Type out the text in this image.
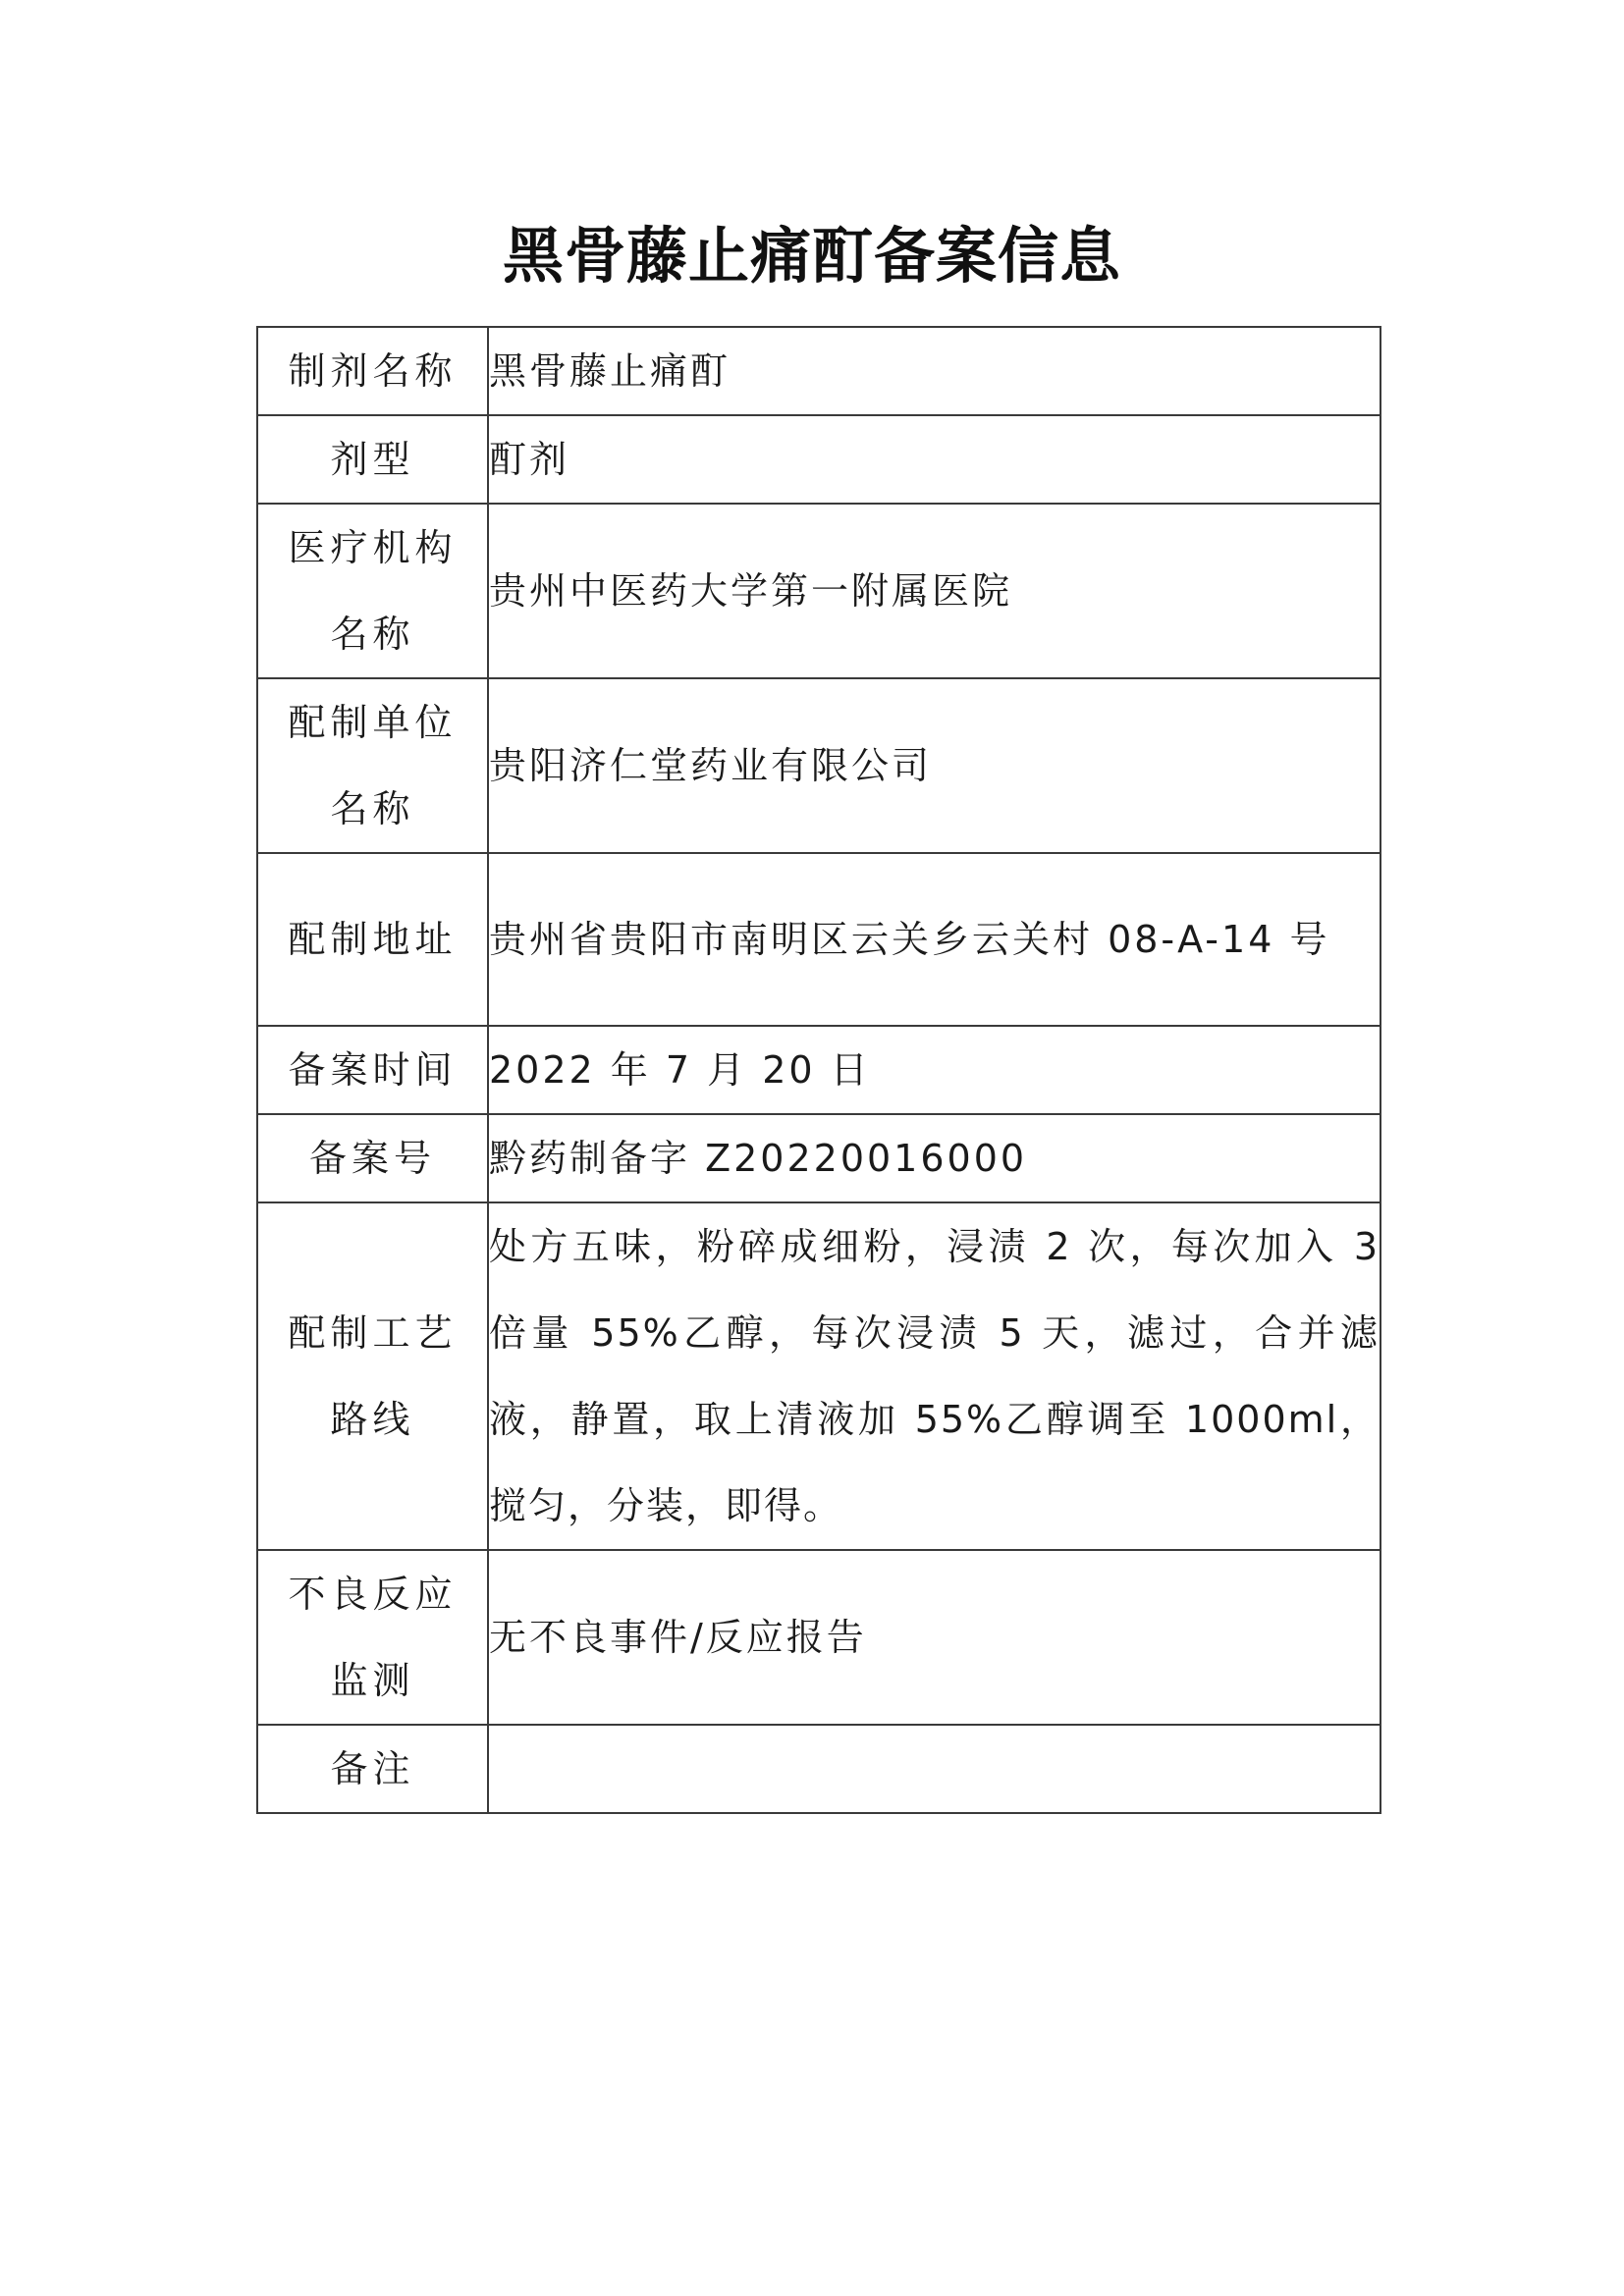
黑骨藤止痛酊备案信息
制剂名称	黑骨藤止痛酊

剂型	酊剂

医疗机构
名称	贵州中医药大学第一附属医院

配制单位
名称	贵阳济仁堂药业有限公司

配制地址	贵州省贵阳市南明区云关乡云关村 08-A-14 号

备案时间	2022 年 7 月 20 日

备案号	黔药制备字 Z20220016000

配制工艺
路线	处方五味，粉碎成细粉，浸渍 2 次，每次加入 3 倍量 55%乙醇，每次浸渍 5 天，滤过，合并滤液，静置，取上清液加 55%乙醇调至 1000ml，搅匀，分装，即得。

不良反应
监测	无不良事件/反应报告

备注	
